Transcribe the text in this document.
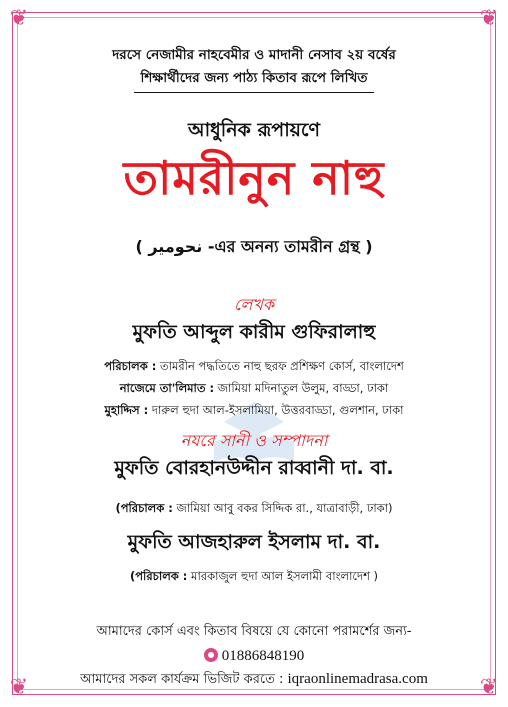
❦	❦
❦	❦
দরসে নেজামীর নাহবেমীর ও মাদানী নেসাব ২য় বর্ষের
শিক্ষার্থীদের জন্য পাঠ্য কিতাব রূপে লিখিত
আধুনিক রূপায়ণে
তামরীনুন নাহু
( نحومير -এর অনন্য তামরীন গ্রন্থ )
লেখক
মুফতি আব্দুল কারীম গুফিরালাহু
পরিচালক : তামরীন পদ্ধতিতে নাহু ছরফ প্রশিক্ষণ কোর্স, বাংলাদেশ
নাজেমে তা'লিমাত : জামিয়া মদিনাতুল উলুম, বাড্ডা, ঢাকা
মুহাদ্দিস : দারুল হুদা আল-ইসলামিয়া, উত্তরবাড্ডা, গুলশান, ঢাকা
নযরে সানী ও সম্পাদনা
মুফতি বোরহানউদ্দীন রাব্বানী দা. বা.
(পরিচালক : জামিয়া আবু বকর সিদ্দিক রা., যাত্রাবাড়ী, ঢাকা)
মুফতি আজহারুল ইসলাম দা. বা.
(পরিচালক : মারকাজুল হুদা আল ইসলামী বাংলাদেশ )
আমাদের কোর্স এবং কিতাব বিষয়ে যে কোনো পরামর্শের জন্য-
01886848190
আমাদের সকল কার্যক্রম ভিজিট করতে : iqraonlinemadrasa.com
